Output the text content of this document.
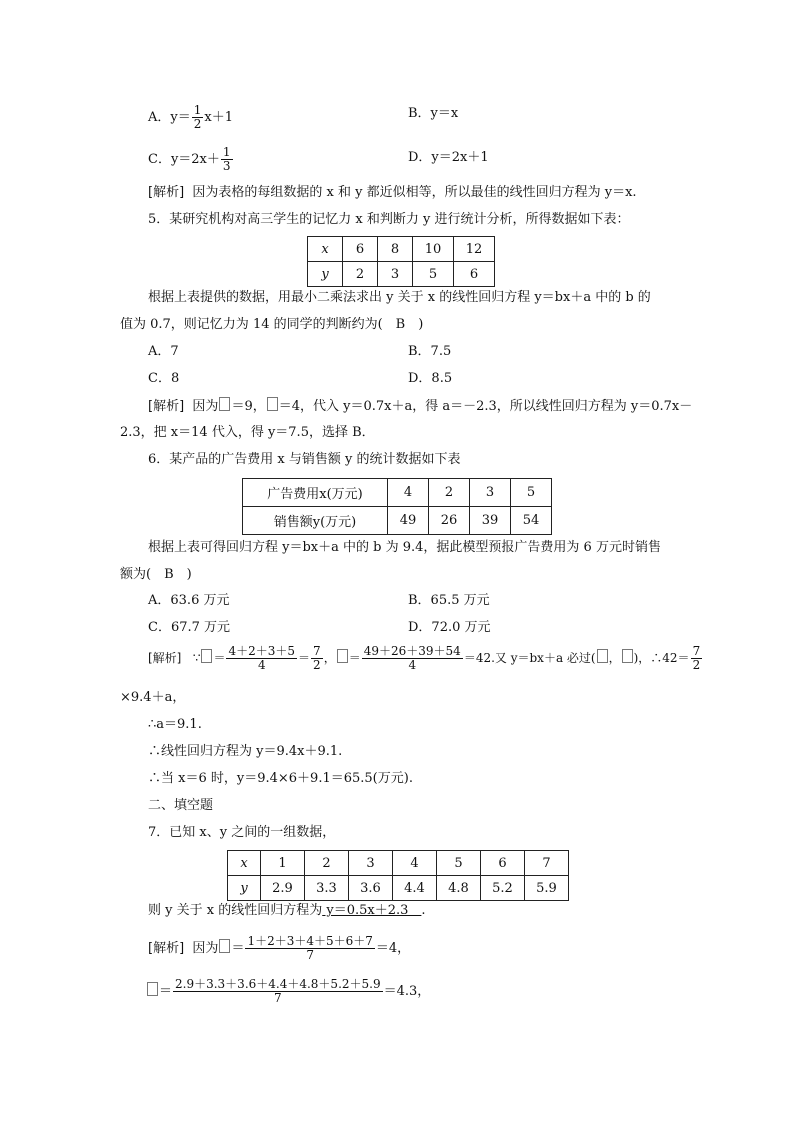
A．$y= \frac{1}{2} x+1$	B．y＝x
C．$y=2x+ \frac{1}{3}$	D．y＝2x＋1
[解析] 因为表格的每组数据的 x 和 y 都近似相等，所以最佳的线性回归方程为 y＝x.
5．某研究机构对高三学生的记忆力 x 和判断力 y 进行统计分析，所得数据如下表：
x	6	8	10	12
y	2	3	5	6
根据上表提供的数据，用最小二乘法求出 y 关于 x 的线性回归方程 y＝bx＋a 中的 b 的
值为 0.7，则记忆力为 14 的同学的判断约为(　B　)
A．7	B．7.5
C．8	D．8.5
[解析] 因为 ＝9， ＝4，代入 y＝0.7x＋a，得 a＝－2.3，所以线性回归方程为 y＝0.7x－
2.3，把 x＝14 代入，得 y＝7.5，选择 B．
6．某产品的广告费用 x 与销售额 y 的统计数据如下表
广告费用x(万元)	4	2	3	5
销售额y(万元)	49	26	39	54
根据上表可得回归方程 y＝bx＋a 中的 b 为 9.4，据此模型预报广告费用为 6 万元时销售
额为(　B　)
A．63.6 万元	B．65.5 万元
C．67.7 万元	D．72.0 万元
[解析] ∵ ＝ $\frac{4+2+3+5}{4} = \frac{7}{2}$ ， ＝ $\frac{49+26+39+54}{4} =42$.又 y＝bx＋a 必过( ， )，∴42＝ $\frac{7}{2}$
×9.4＋a，
∴a＝9.1.
∴线性回归方程为 y＝9.4x＋9.1.
∴当 x＝6 时，y＝9.4×6＋9.1＝65.5(万元).
二、填空题
7．已知 x、y 之间的一组数据，
x	1	2	3	4	5	6	7
y	2.9	3.3	3.6	4.4	4.8	5.2	5.9
则 y 关于 x 的线性回归方程为 y＝0.5x＋2.3　.
[解析] 因为 ＝ $\frac{1+2+3+4+5+6+7}{7} =4$，
＝ $\frac{2.9+3.3+3.6+4.4+4.8+5.2+5.9}{7} =4.3$，
